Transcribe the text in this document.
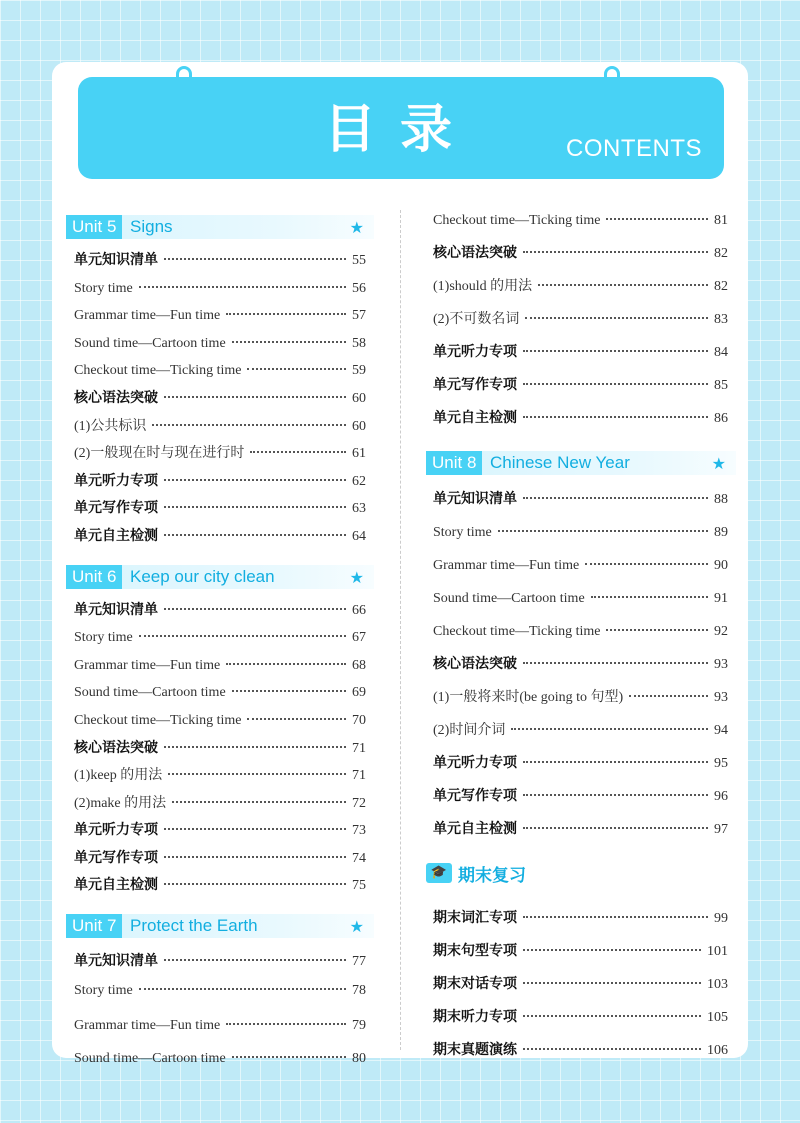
目录	CONTENTS
Unit 5 Signs	★
单元知识清单	55
Story time	56
Grammar time—Fun time	57
Sound time—Cartoon time	58
Checkout time—Ticking time	59
核心语法突破	60
(1)公共标识	60
(2)一般现在时与现在进行时	61
单元听力专项	62
单元写作专项	63
单元自主检测	64
Unit 6 Keep our city clean	★
单元知识清单	66
Story time	67
Grammar time—Fun time	68
Sound time—Cartoon time	69
Checkout time—Ticking time	70
核心语法突破	71
(1)keep 的用法	71
(2)make 的用法	72
单元听力专项	73
单元写作专项	74
单元自主检测	75
Unit 7 Protect the Earth	★
单元知识清单	77
Story time	78
Grammar time—Fun time	79
Sound time—Cartoon time	80
Checkout time—Ticking time	81
核心语法突破	82
(1)should 的用法	82
(2)不可数名词	83
单元听力专项	84
单元写作专项	85
单元自主检测	86
Unit 8 Chinese New Year	★
单元知识清单	88
Story time	89
Grammar time—Fun time	90
Sound time—Cartoon time	91
Checkout time—Ticking time	92
核心语法突破	93
(1)一般将来时(be going to 句型)	93
(2)时间介词	94
单元听力专项	95
单元写作专项	96
单元自主检测	97
🎓 期末复习
期末词汇专项	99
期末句型专项	101
期末对话专项	103
期末听力专项	105
期末真题演练	106
